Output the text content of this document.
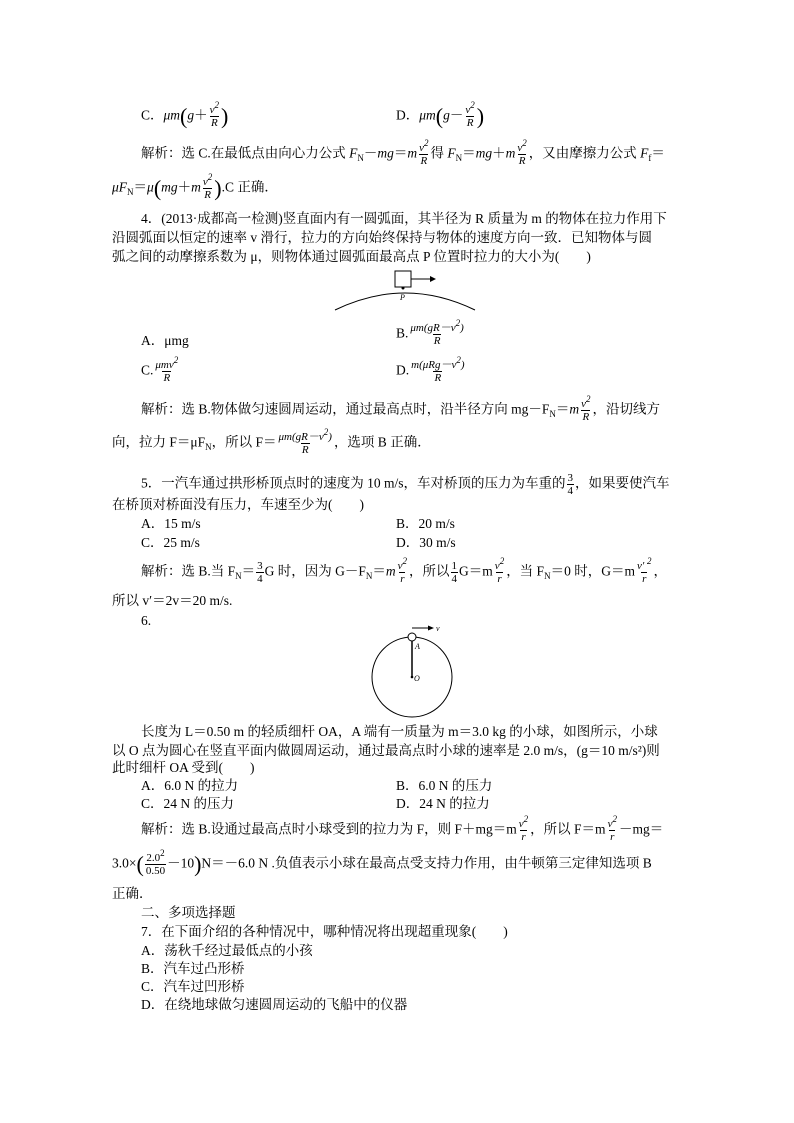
C．$\mu m(g+ \frac{v^2}{R}$ )	D．$\mu m(g- \frac{v^2}{R}$ )
解析：选 C.在最低点由向心力公式 $F_N-mg=m \frac{v^2}{R}$ 得 $F_N=mg+m \frac{v^2}{R}$ ，又由摩擦力公式 $F_f=$
$\mu F_N=\mu(mg+m \frac{v^2}{R} ).C$ 正确．
4．(2013·成都高一检测)竖直面内有一圆弧面，其半径为 R 质量为 m 的物体在拉力作用下
沿圆弧面以恒定的速率 v 滑行，拉力的方向始终保持与物体的速度方向一致．已知物体与圆
弧之间的动摩擦系数为 μ，则物体通过圆弧面最高点 P 位置时拉力的大小为(　　)
P
A．μmg	B. $\frac{\mu m(gR-v^2)}{R}$
C. $\frac{\mu mv^2}{R}$	D. $\frac{m(\mu Rg-v^2)}{R}$
解析：选 B.物体做匀速圆周运动，通过最高点时，沿半径方向 $mg-F_N=m \frac{v^2}{R}$ ，沿切线方
向，拉力 $F=\mu F_N$，所以 $F= \frac{\mu m(gR-v^2)}{R}$ ，选项 B 正确．
5．一汽车通过拱形桥顶点时的速度为 10 m/s，车对桥顶的压力为车重的 $\frac{3}{4}$ ，如果要使汽车
在桥顶对桥面没有压力，车速至少为(　　)
A．15 m/s	B．20 m/s
C．25 m/s	D．30 m/s
解析：选 B.当 $F_N= \frac{3}{4}$ G 时，因为 $G-F_N=m \frac{v^2}{r}$ ，所以 $\frac{1}{4} G=m \frac{v^2}{r}$ ，当 $F_N=0$ 时，$G=m \frac{v' ^2}{r}$ ，
所以 v′＝2v＝20 m/s.
6.
v
A
O
长度为 L＝0.50 m 的轻质细杆 OA，A 端有一质量为 m＝3.0 kg 的小球，如图所示，小球
以 O 点为圆心在竖直平面内做圆周运动，通过最高点时小球的速率是 2.0 m/s，(g＝10 m/s²)则
此时细杆 OA 受到(　　)
A．6.0 N 的拉力	B．6.0 N 的压力
C．24 N 的压力	D．24 N 的拉力
解析：选 B.设通过最高点时小球受到的拉力为 F，则 $F+mg=m \frac{v^2}{r}$ ，所以 $F=m \frac{v^2}{r} -mg=$
$3.0\times( \frac{2.0^2}{0.50} -10)N=-6.0$ N .负值表示小球在最高点受支持力作用，由牛顿第三定律知选项 B
正确．
二、多项选择题
7．在下面介绍的各种情况中，哪种情况将出现超重现象(　　)
A．荡秋千经过最低点的小孩
B．汽车过凸形桥
C．汽车过凹形桥
D．在绕地球做匀速圆周运动的飞船中的仪器
